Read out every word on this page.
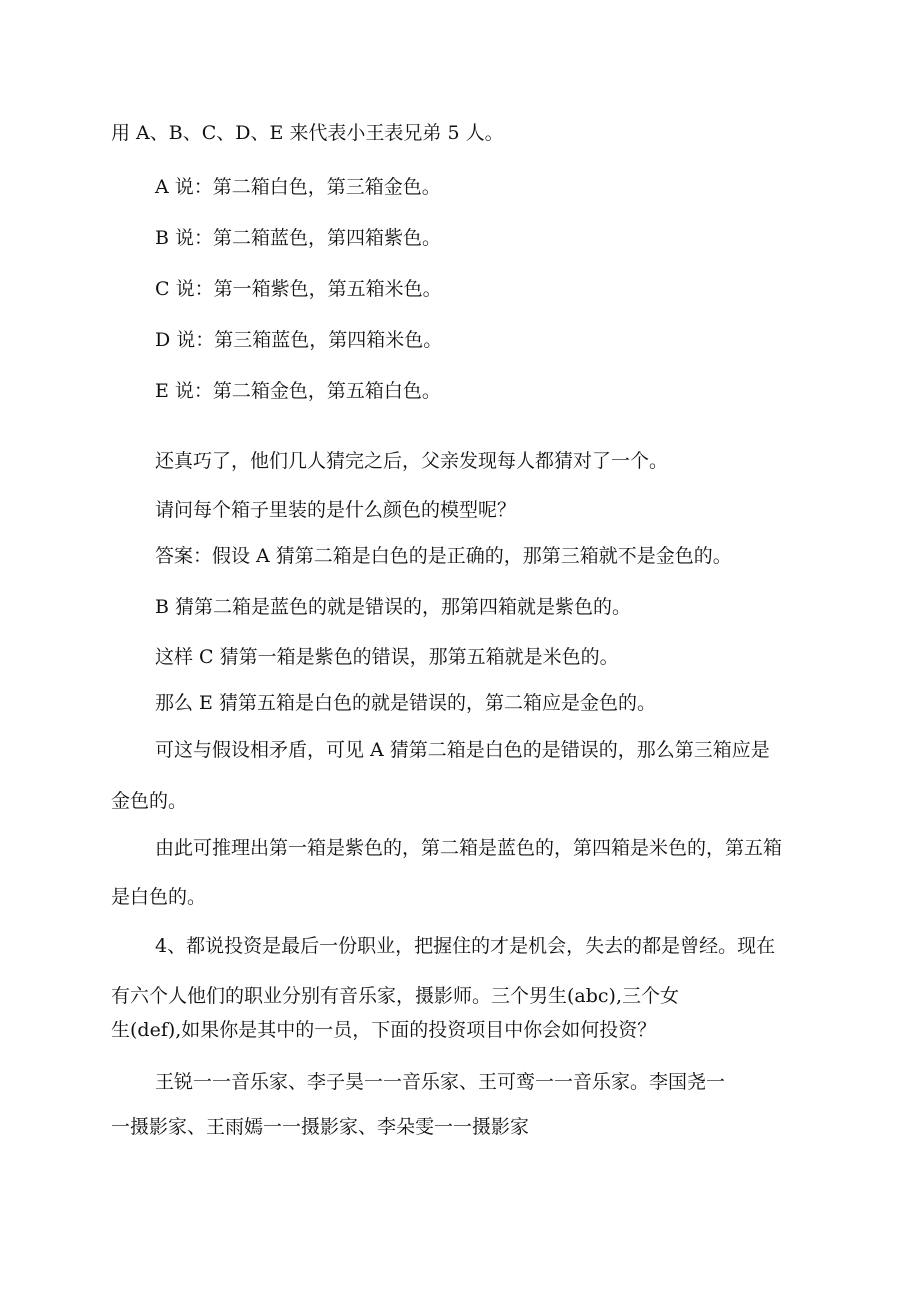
用 A、B、C、D、E 来代表小王表兄弟 5 人。
A 说：第二箱白色，第三箱金色。
B 说：第二箱蓝色，第四箱紫色。
C 说：第一箱紫色，第五箱米色。
D 说：第三箱蓝色，第四箱米色。
E 说：第二箱金色，第五箱白色。
还真巧了，他们几人猜完之后，父亲发现每人都猜对了一个。
请问每个箱子里装的是什么颜色的模型呢？
答案：假设 A 猜第二箱是白色的是正确的，那第三箱就不是金色的。
B 猜第二箱是蓝色的就是错误的，那第四箱就是紫色的。
这样 C 猜第一箱是紫色的错误，那第五箱就是米色的。
那么 E 猜第五箱是白色的就是错误的，第二箱应是金色的。
可这与假设相矛盾，可见 A 猜第二箱是白色的是错误的，那么第三箱应是
金色的。
由此可推理出第一箱是紫色的，第二箱是蓝色的，第四箱是米色的，第五箱
是白色的。
4、都说投资是最后一份职业，把握住的才是机会，失去的都是曾经。现在
有六个人他们的职业分别有音乐家，摄影师。三个男生(abc),三个女
生(def),如果你是其中的一员，下面的投资项目中你会如何投资？
王锐一一音乐家、李子昊一一音乐家、王可鸾一一音乐家。李国尧一
一摄影家、王雨嫣一一摄影家、李朵雯一一摄影家
